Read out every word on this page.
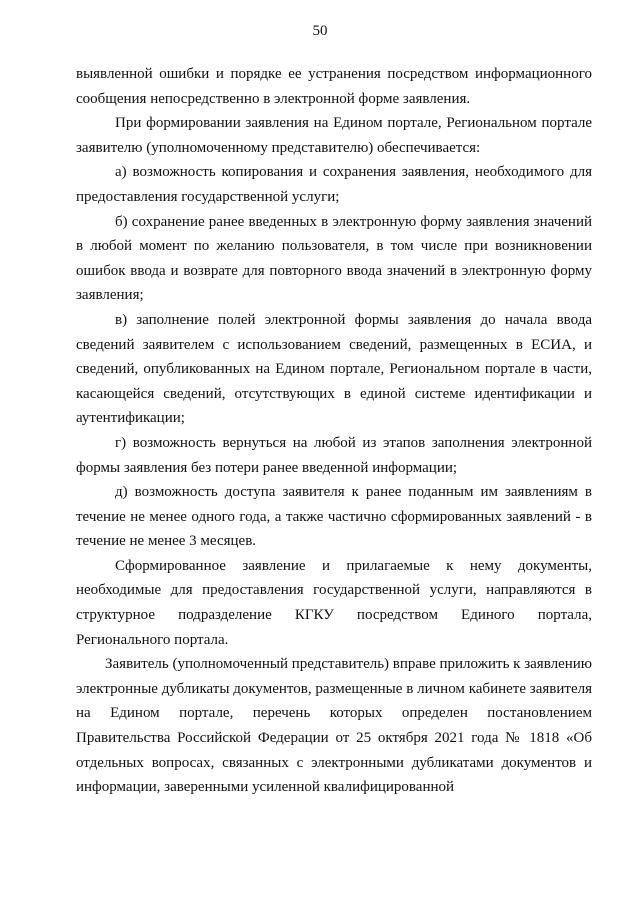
50

выявленной ошибки и порядке ее устранения посредством информационного сообщения непосредственно в электронной форме заявления.

При формировании заявления на Едином портале, Региональном портале заявителю (уполномоченному представителю) обеспечивается:

а) возможность копирования и сохранения заявления, необходимого для предоставления государственной услуги;

б) сохранение ранее введенных в электронную форму заявления значений в любой момент по желанию пользователя, в том числе при возникновении ошибок ввода и возврате для повторного ввода значений в электронную форму заявления;

в) заполнение полей электронной формы заявления до начала ввода сведений заявителем с использованием сведений, размещенных в ЕСИА, и сведений, опубликованных на Едином портале, Региональном портале в части, касающейся сведений, отсутствующих в единой системе идентификации и аутентификации;

г) возможность вернуться на любой из этапов заполнения электронной формы заявления без потери ранее введенной информации;

д) возможность доступа заявителя к ранее поданным им заявлениям в течение не менее одного года, а также частично сформированных заявлений - в течение не менее 3 месяцев.

Сформированное заявление и прилагаемые к нему документы, необходимые для предоставления государственной услуги, направляются в структурное подразделение КГКУ посредством Единого портала, Регионального портала.

Заявитель (уполномоченный представитель) вправе приложить к заявлению электронные дубликаты документов, размещенные в личном кабинете заявителя на Едином портале, перечень которых определен постановлением Правительства Российской Федерации от 25 октября 2021 года № 1818 «Об отдельных вопросах, связанных с электронными дубликатами документов и информации, заверенными усиленной квалифицированной
